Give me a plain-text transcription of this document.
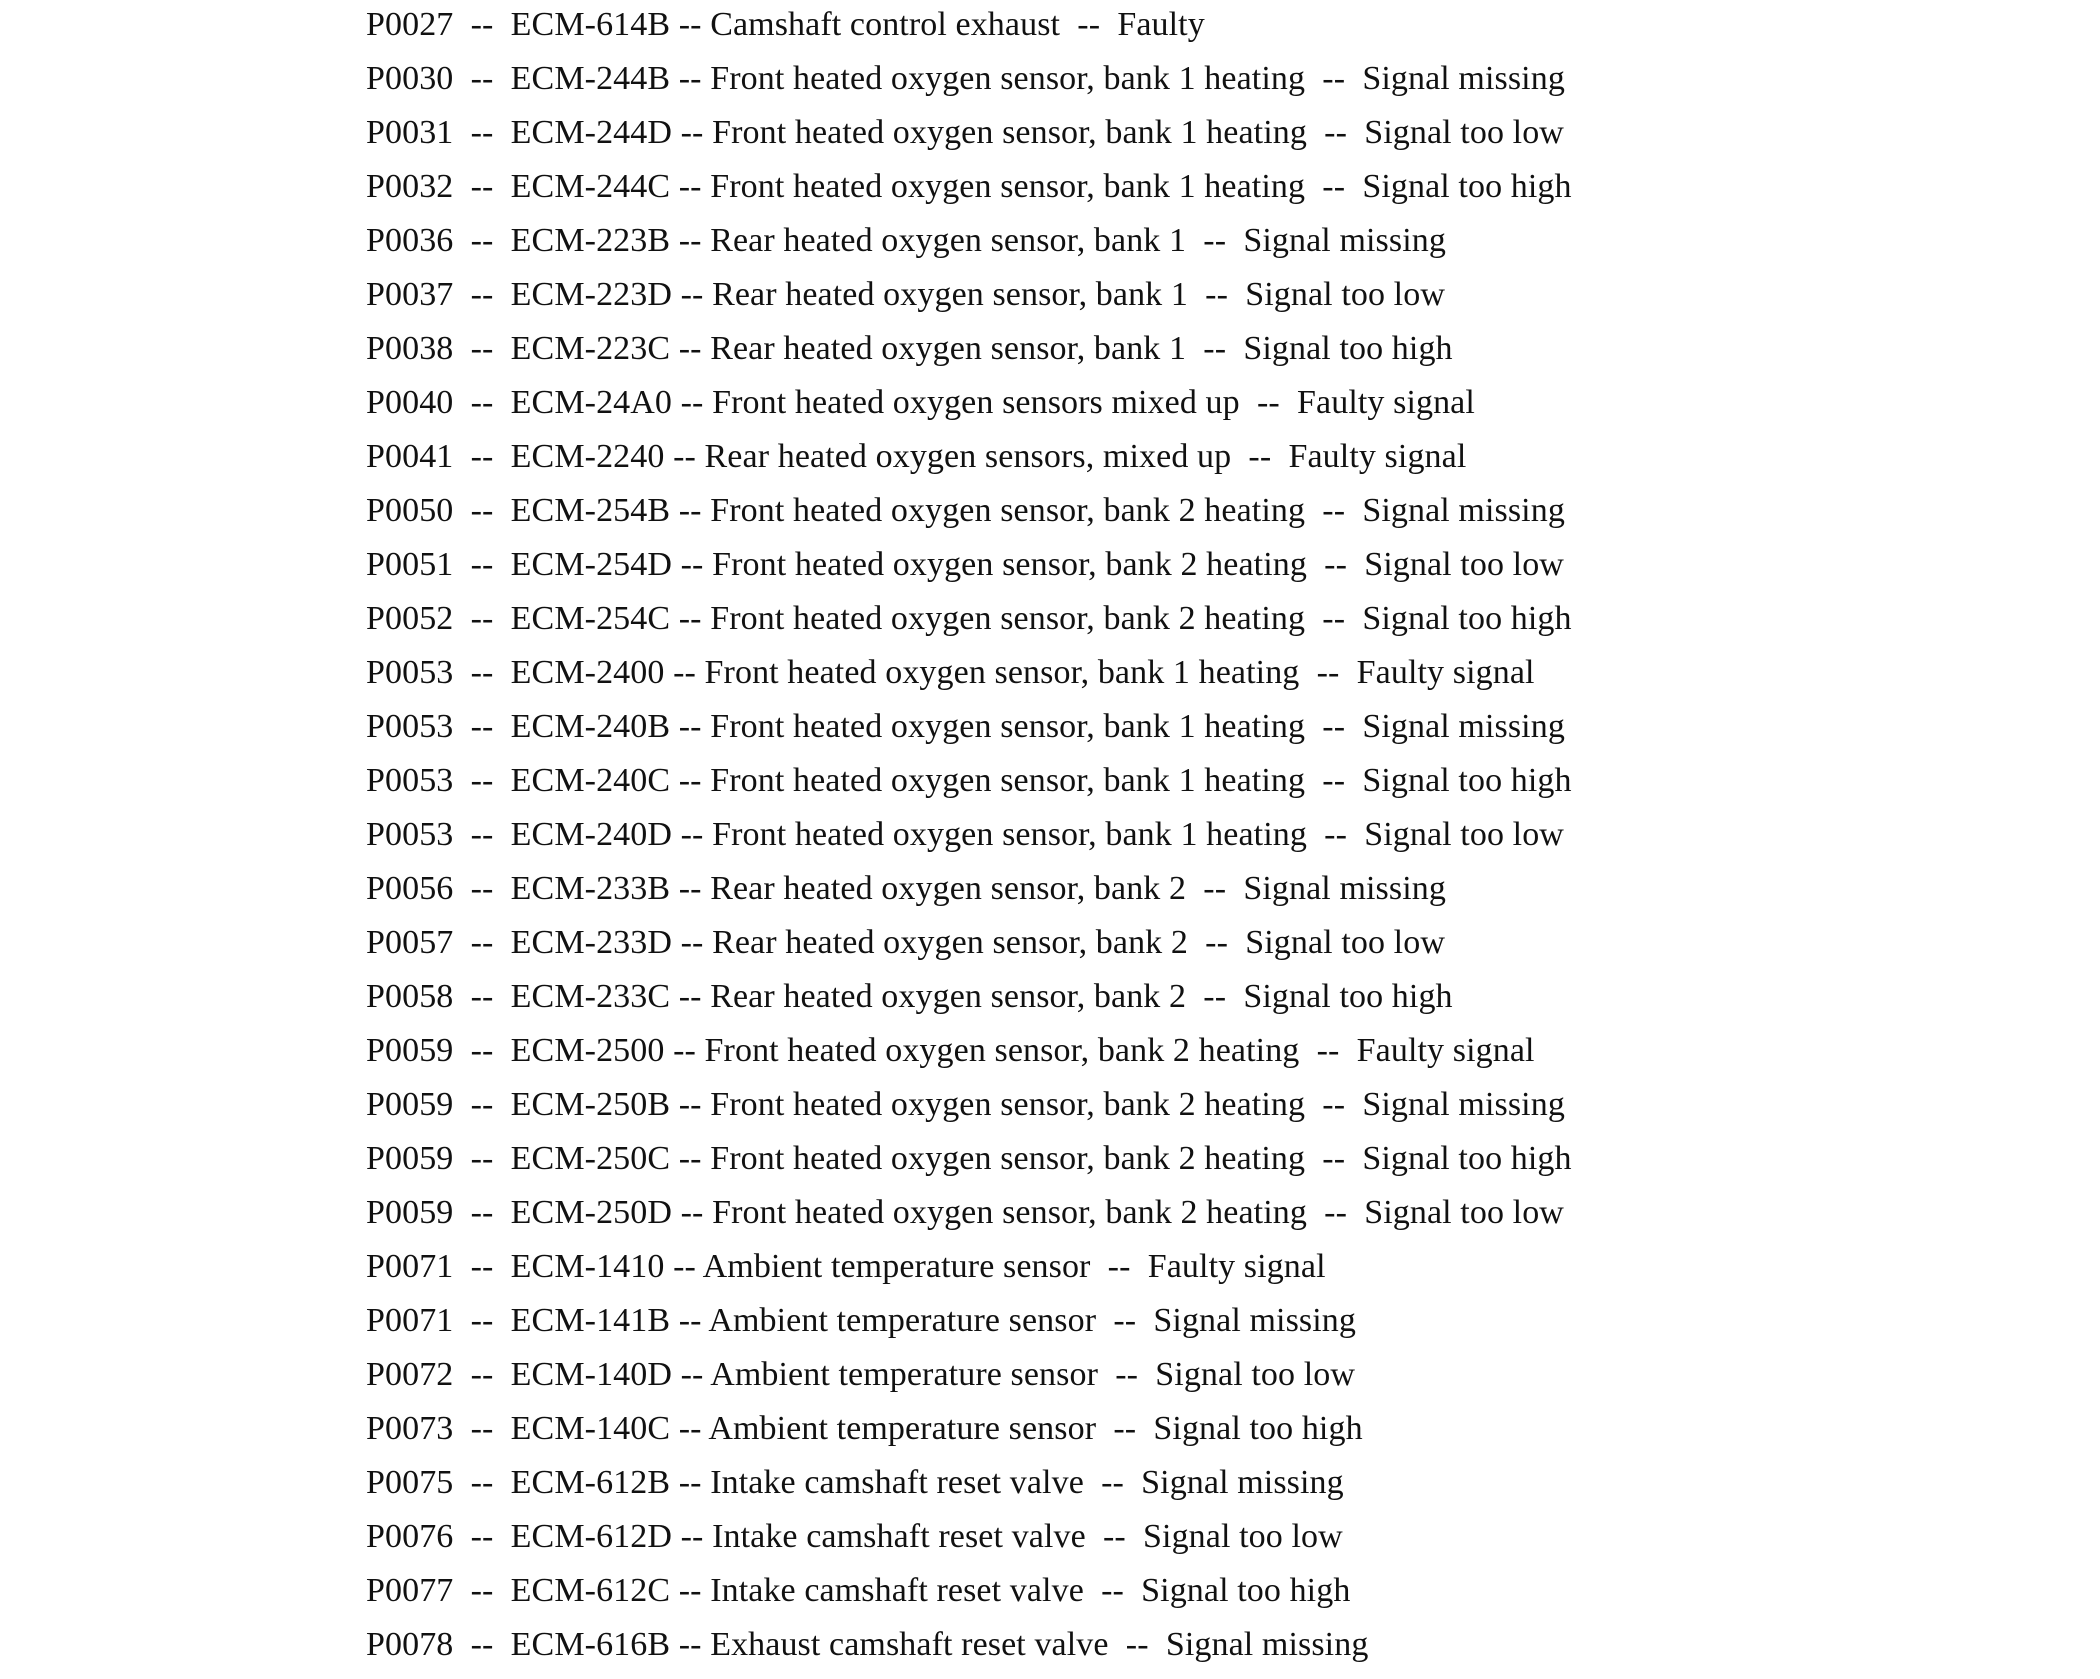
P0027  --  ECM-614B -- Camshaft control exhaust  --  Faulty
P0030  --  ECM-244B -- Front heated oxygen sensor, bank 1 heating  --  Signal missing
P0031  --  ECM-244D -- Front heated oxygen sensor, bank 1 heating  --  Signal too low
P0032  --  ECM-244C -- Front heated oxygen sensor, bank 1 heating  --  Signal too high
P0036  --  ECM-223B -- Rear heated oxygen sensor, bank 1  --  Signal missing
P0037  --  ECM-223D -- Rear heated oxygen sensor, bank 1  --  Signal too low
P0038  --  ECM-223C -- Rear heated oxygen sensor, bank 1  --  Signal too high
P0040  --  ECM-24A0 -- Front heated oxygen sensors mixed up  --  Faulty signal
P0041  --  ECM-2240 -- Rear heated oxygen sensors, mixed up  --  Faulty signal
P0050  --  ECM-254B -- Front heated oxygen sensor, bank 2 heating  --  Signal missing
P0051  --  ECM-254D -- Front heated oxygen sensor, bank 2 heating  --  Signal too low
P0052  --  ECM-254C -- Front heated oxygen sensor, bank 2 heating  --  Signal too high
P0053  --  ECM-2400 -- Front heated oxygen sensor, bank 1 heating  --  Faulty signal
P0053  --  ECM-240B -- Front heated oxygen sensor, bank 1 heating  --  Signal missing
P0053  --  ECM-240C -- Front heated oxygen sensor, bank 1 heating  --  Signal too high
P0053  --  ECM-240D -- Front heated oxygen sensor, bank 1 heating  --  Signal too low
P0056  --  ECM-233B -- Rear heated oxygen sensor, bank 2  --  Signal missing
P0057  --  ECM-233D -- Rear heated oxygen sensor, bank 2  --  Signal too low
P0058  --  ECM-233C -- Rear heated oxygen sensor, bank 2  --  Signal too high
P0059  --  ECM-2500 -- Front heated oxygen sensor, bank 2 heating  --  Faulty signal
P0059  --  ECM-250B -- Front heated oxygen sensor, bank 2 heating  --  Signal missing
P0059  --  ECM-250C -- Front heated oxygen sensor, bank 2 heating  --  Signal too high
P0059  --  ECM-250D -- Front heated oxygen sensor, bank 2 heating  --  Signal too low
P0071  --  ECM-1410 -- Ambient temperature sensor  --  Faulty signal
P0071  --  ECM-141B -- Ambient temperature sensor  --  Signal missing
P0072  --  ECM-140D -- Ambient temperature sensor  --  Signal too low
P0073  --  ECM-140C -- Ambient temperature sensor  --  Signal too high
P0075  --  ECM-612B -- Intake camshaft reset valve  --  Signal missing
P0076  --  ECM-612D -- Intake camshaft reset valve  --  Signal too low
P0077  --  ECM-612C -- Intake camshaft reset valve  --  Signal too high
P0078  --  ECM-616B -- Exhaust camshaft reset valve  --  Signal missing
